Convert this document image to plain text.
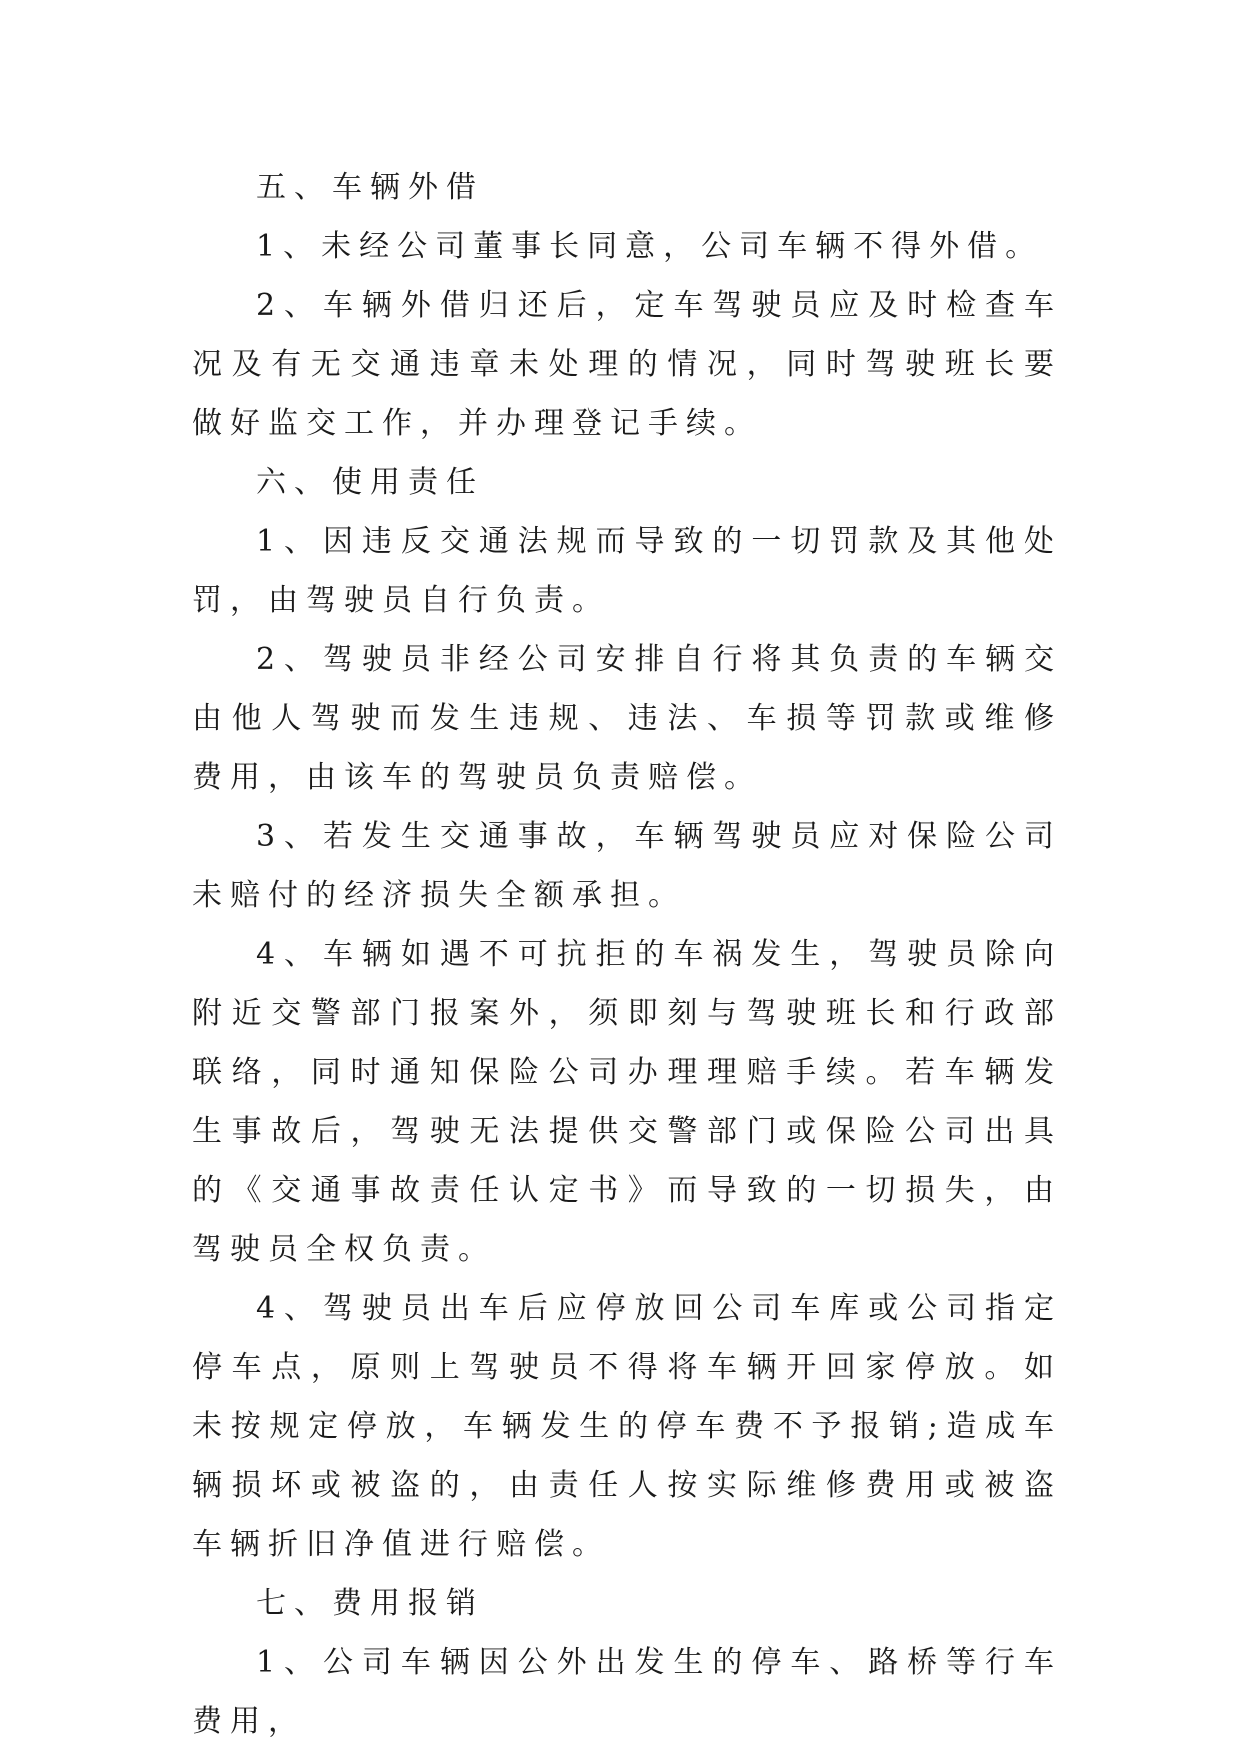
五、车辆外借

1、未经公司董事长同意，公司车辆不得外借。

2、车辆外借归还后，定车驾驶员应及时检查车况及有无交通违章未处理的情况，同时驾驶班长要做好监交工作，并办理登记手续。

六、使用责任

1、因违反交通法规而导致的一切罚款及其他处罚，由驾驶员自行负责。

2、驾驶员非经公司安排自行将其负责的车辆交由他人驾驶而发生违规、违法、车损等罚款或维修费用，由该车的驾驶员负责赔偿。

3、若发生交通事故，车辆驾驶员应对保险公司未赔付的经济损失全额承担。

4、车辆如遇不可抗拒的车祸发生，驾驶员除向附近交警部门报案外，须即刻与驾驶班长和行政部联络，同时通知保险公司办理理赔手续。若车辆发生事故后，驾驶无法提供交警部门或保险公司出具的《交通事故责任认定书》而导致的一切损失，由驾驶员全权负责。

4、驾驶员出车后应停放回公司车库或公司指定停车点，原则上驾驶员不得将车辆开回家停放。如未按规定停放，车辆发生的停车费不予报销;造成车辆损坏或被盗的，由责任人按实际维修费用或被盗车辆折旧净值进行赔偿。

七、费用报销

1、公司车辆因公外出发生的停车、路桥等行车费用，
